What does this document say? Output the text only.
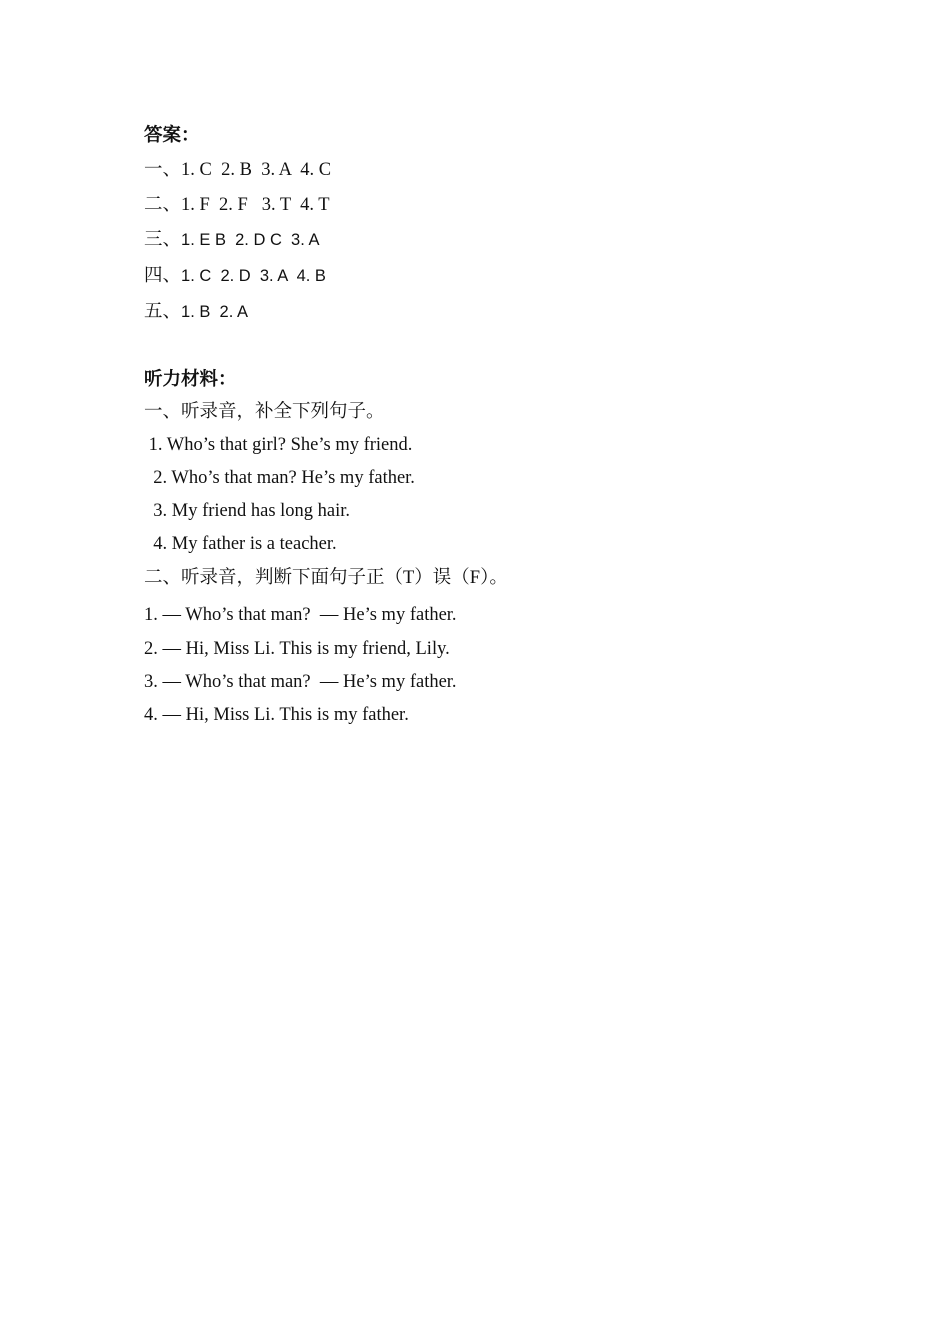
答案：
一、1. C  2. B  3. A  4. C
二、1. F  2. F   3. T  4. T
三、1. E B  2. D C  3. A
四、1. C  2. D  3. A  4. B
五、1. B  2. A
听力材料：
一、听录音，补全下列句子。
1. Who’s that girl? She’s my friend.
2. Who’s that man? He’s my father.
3. My friend has long hair.
4. My father is a teacher.
二、听录音，判断下面句子正（T）误（F）。
1. — Who’s that man?  — He’s my father.
2. — Hi, Miss Li. This is my friend, Lily.
3. — Who’s that man?  — He’s my father.
4. — Hi, Miss Li. This is my father.
